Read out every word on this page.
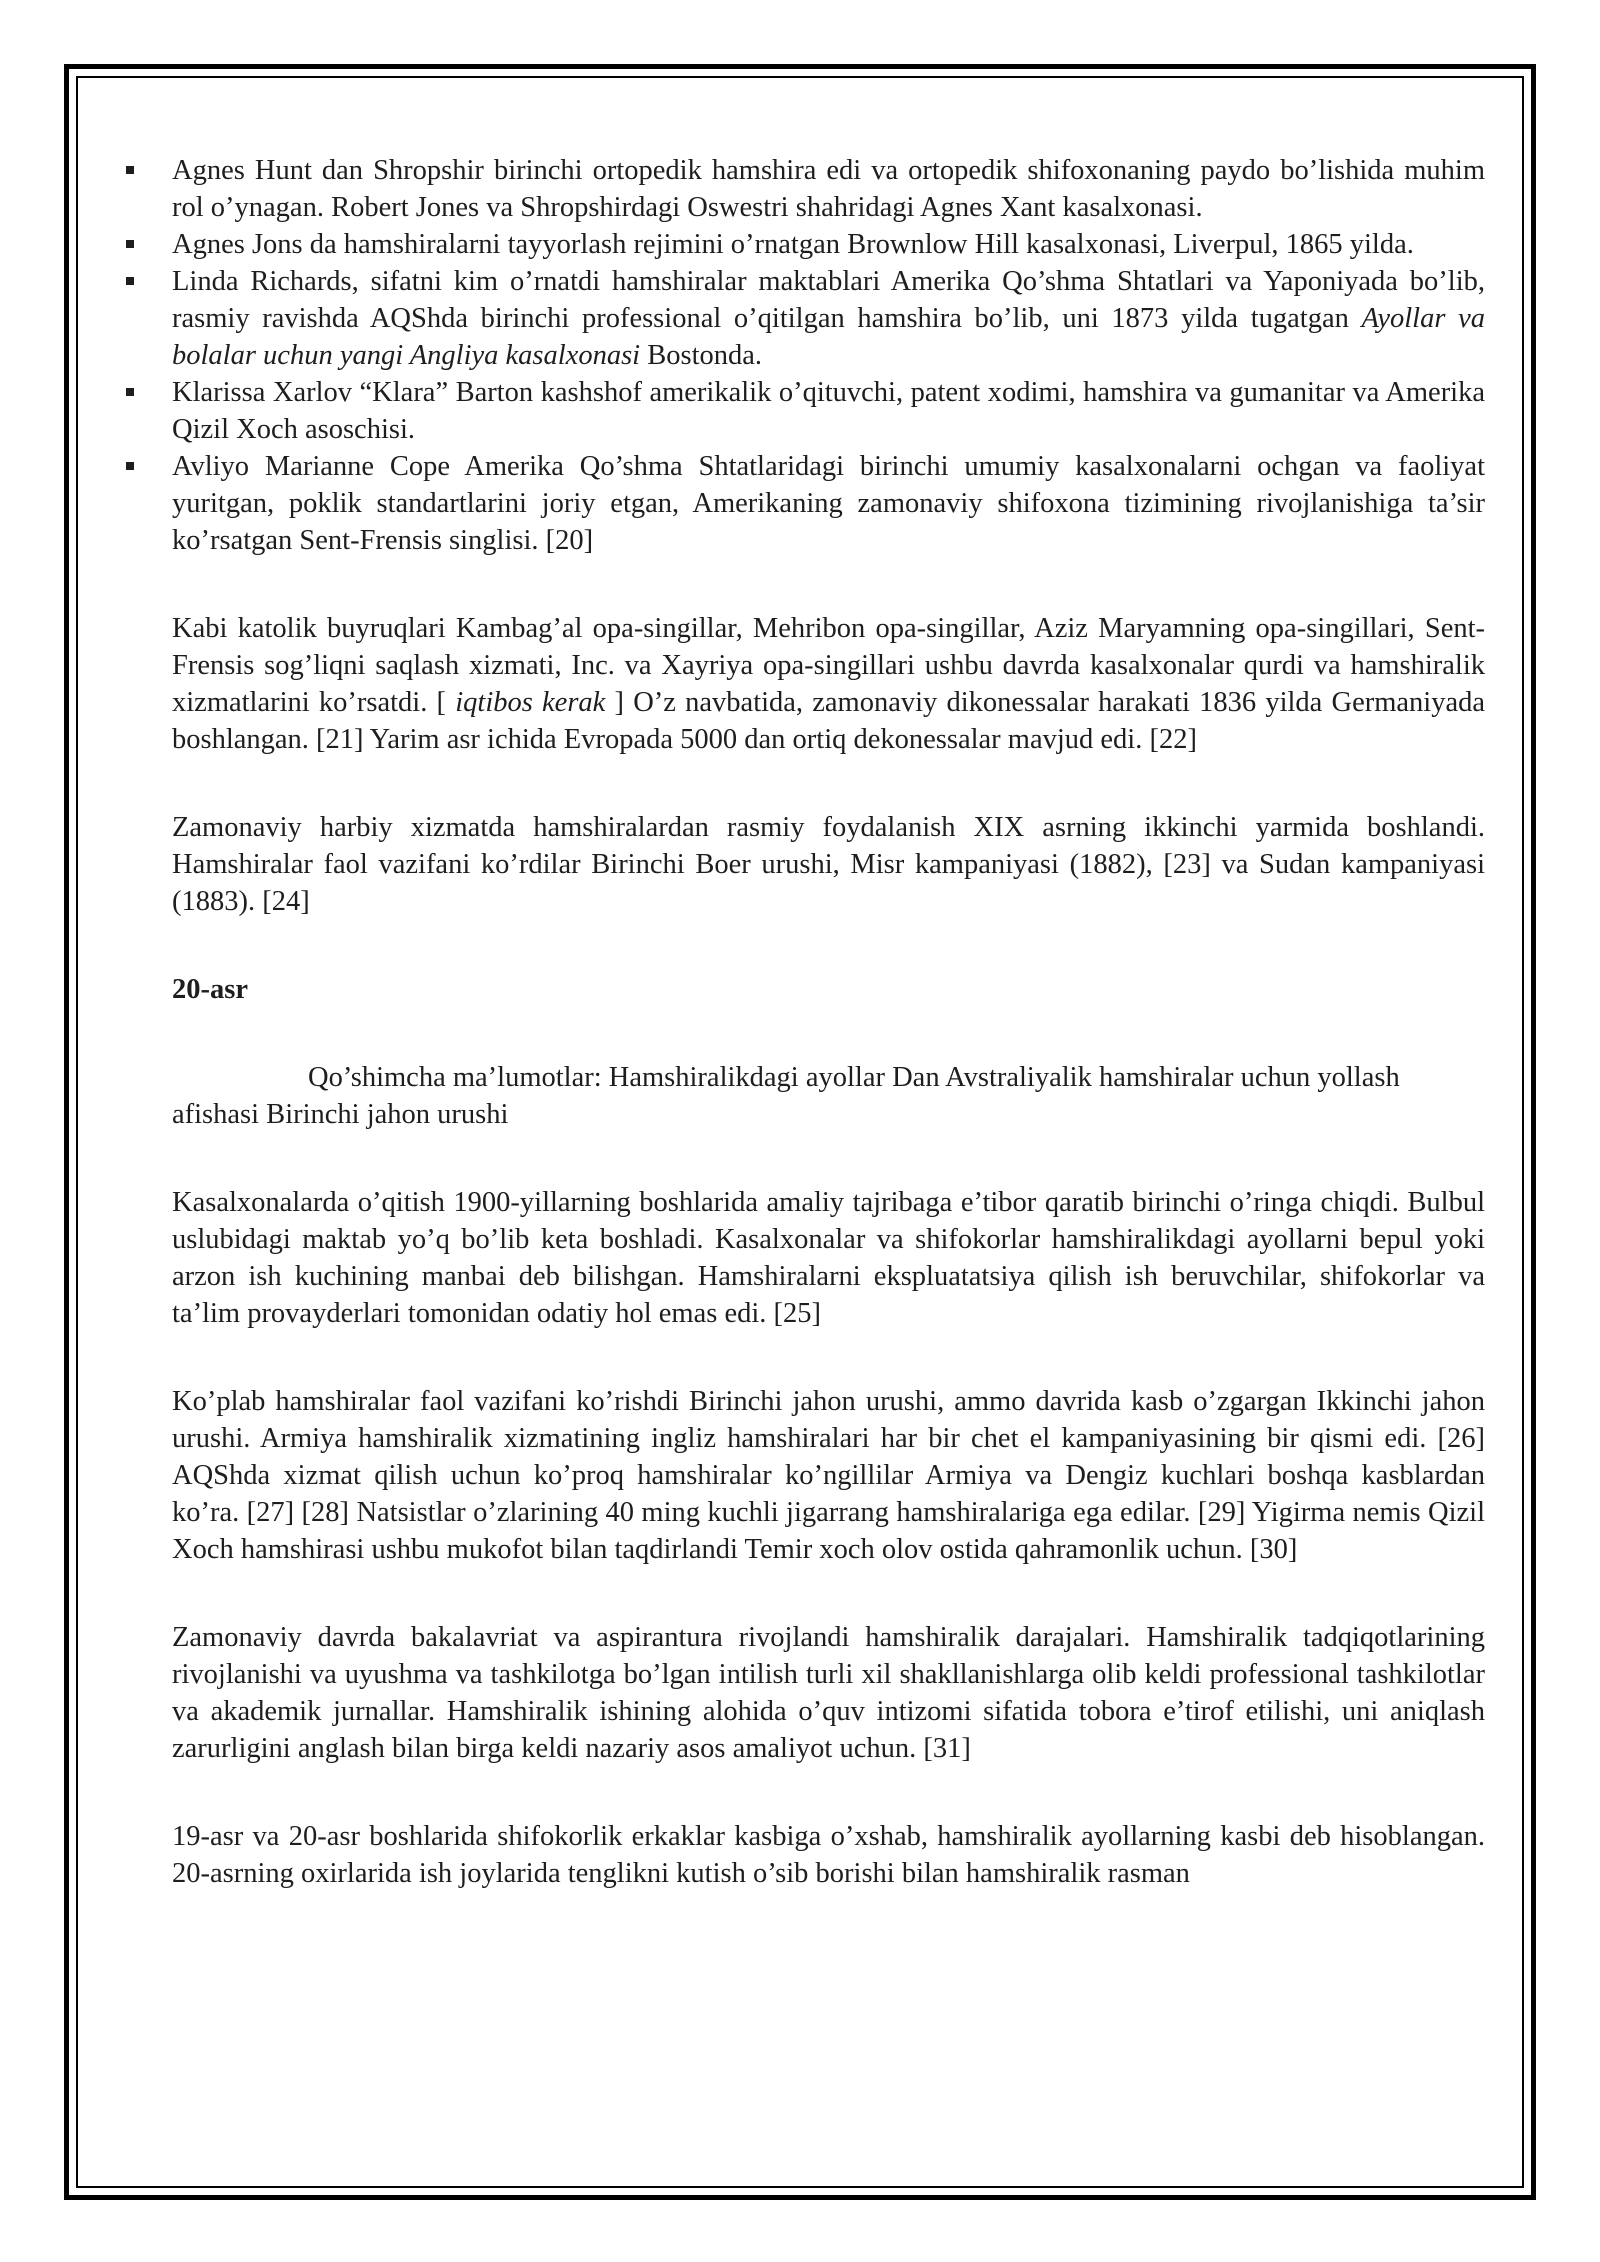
Agnes Hunt dan Shropshir birinchi ortopedik hamshira edi va ortopedik shifoxonaning paydo bo’lishida muhim rol o’ynagan. Robert Jones va Shropshirdagi Oswestri shahridagi Agnes Xant kasalxonasi.
Agnes Jons da hamshiralarni tayyorlash rejimini o’rnatgan Brownlow Hill kasalxonasi, Liverpul, 1865 yilda.
Linda Richards, sifatni kim o’rnatdi hamshiralar maktablari Amerika Qo’shma Shtatlari va Yaponiyada bo’lib, rasmiy ravishda AQShda birinchi professional o’qitilgan hamshira bo’lib, uni 1873 yilda tugatgan Ayollar va bolalar uchun yangi Angliya kasalxonasi Bostonda.
Klarissa Xarlov “Klara” Barton kashshof amerikalik o’qituvchi, patent xodimi, hamshira va gumanitar va Amerika Qizil Xoch asoschisi.
Avliyo Marianne Cope Amerika Qo’shma Shtatlaridagi birinchi umumiy kasalxonalarni ochgan va faoliyat yuritgan, poklik standartlarini joriy etgan, Amerikaning zamonaviy shifoxona tizimining rivojlanishiga ta’sir ko’rsatgan Sent-Frensis singlisi. [20]

Kabi katolik buyruqlari Kambag’al opa-singillar, Mehribon opa-singillar, Aziz Maryamning opa-singillari, Sent-Frensis sog’liqni saqlash xizmati, Inc. va Xayriya opa-singillari ushbu davrda kasalxonalar qurdi va hamshiralik xizmatlarini ko’rsatdi. [ iqtibos kerak ] O’z navbatida, zamonaviy dikonessalar harakati 1836 yilda Germaniyada boshlangan. [21] Yarim asr ichida Evropada 5000 dan ortiq dekonessalar mavjud edi. [22]

Zamonaviy harbiy xizmatda hamshiralardan rasmiy foydalanish XIX asrning ikkinchi yarmida boshlandi. Hamshiralar faol vazifani ko’rdilar Birinchi Boer urushi, Misr kampaniyasi (1882), [23] va Sudan kampaniyasi (1883). [24]

20-asr

Qo’shimcha ma’lumotlar: Hamshiralikdagi ayollar Dan Avstraliyalik hamshiralar uchun yollash afishasi Birinchi jahon urushi

Kasalxonalarda o’qitish 1900-yillarning boshlarida amaliy tajribaga e’tibor qaratib birinchi o’ringa chiqdi. Bulbul uslubidagi maktab yo’q bo’lib keta boshladi. Kasalxonalar va shifokorlar hamshiralikdagi ayollarni bepul yoki arzon ish kuchining manbai deb bilishgan. Hamshiralarni ekspluatatsiya qilish ish beruvchilar, shifokorlar va ta’lim provayderlari tomonidan odatiy hol emas edi. [25]

Ko’plab hamshiralar faol vazifani ko’rishdi Birinchi jahon urushi, ammo davrida kasb o’zgargan Ikkinchi jahon urushi. Armiya hamshiralik xizmatining ingliz hamshiralari har bir chet el kampaniyasining bir qismi edi. [26] AQShda xizmat qilish uchun ko’proq hamshiralar ko’ngillilar Armiya va Dengiz kuchlari boshqa kasblardan ko’ra. [27] [28] Natsistlar o’zlarining 40 ming kuchli jigarrang hamshiralariga ega edilar. [29] Yigirma nemis Qizil Xoch hamshirasi ushbu mukofot bilan taqdirlandi Temir xoch olov ostida qahramonlik uchun. [30]

Zamonaviy davrda bakalavriat va aspirantura rivojlandi hamshiralik darajalari. Hamshiralik tadqiqotlarining rivojlanishi va uyushma va tashkilotga bo’lgan intilish turli xil shakllanishlarga olib keldi professional tashkilotlar va akademik jurnallar. Hamshiralik ishining alohida o’quv intizomi sifatida tobora e’tirof etilishi, uni aniqlash zarurligini anglash bilan birga keldi nazariy asos amaliyot uchun. [31]

19-asr va 20-asr boshlarida shifokorlik erkaklar kasbiga o’xshab, hamshiralik ayollarning kasbi deb hisoblangan. 20-asrning oxirlarida ish joylarida tenglikni kutish o’sib borishi bilan hamshiralik rasman
